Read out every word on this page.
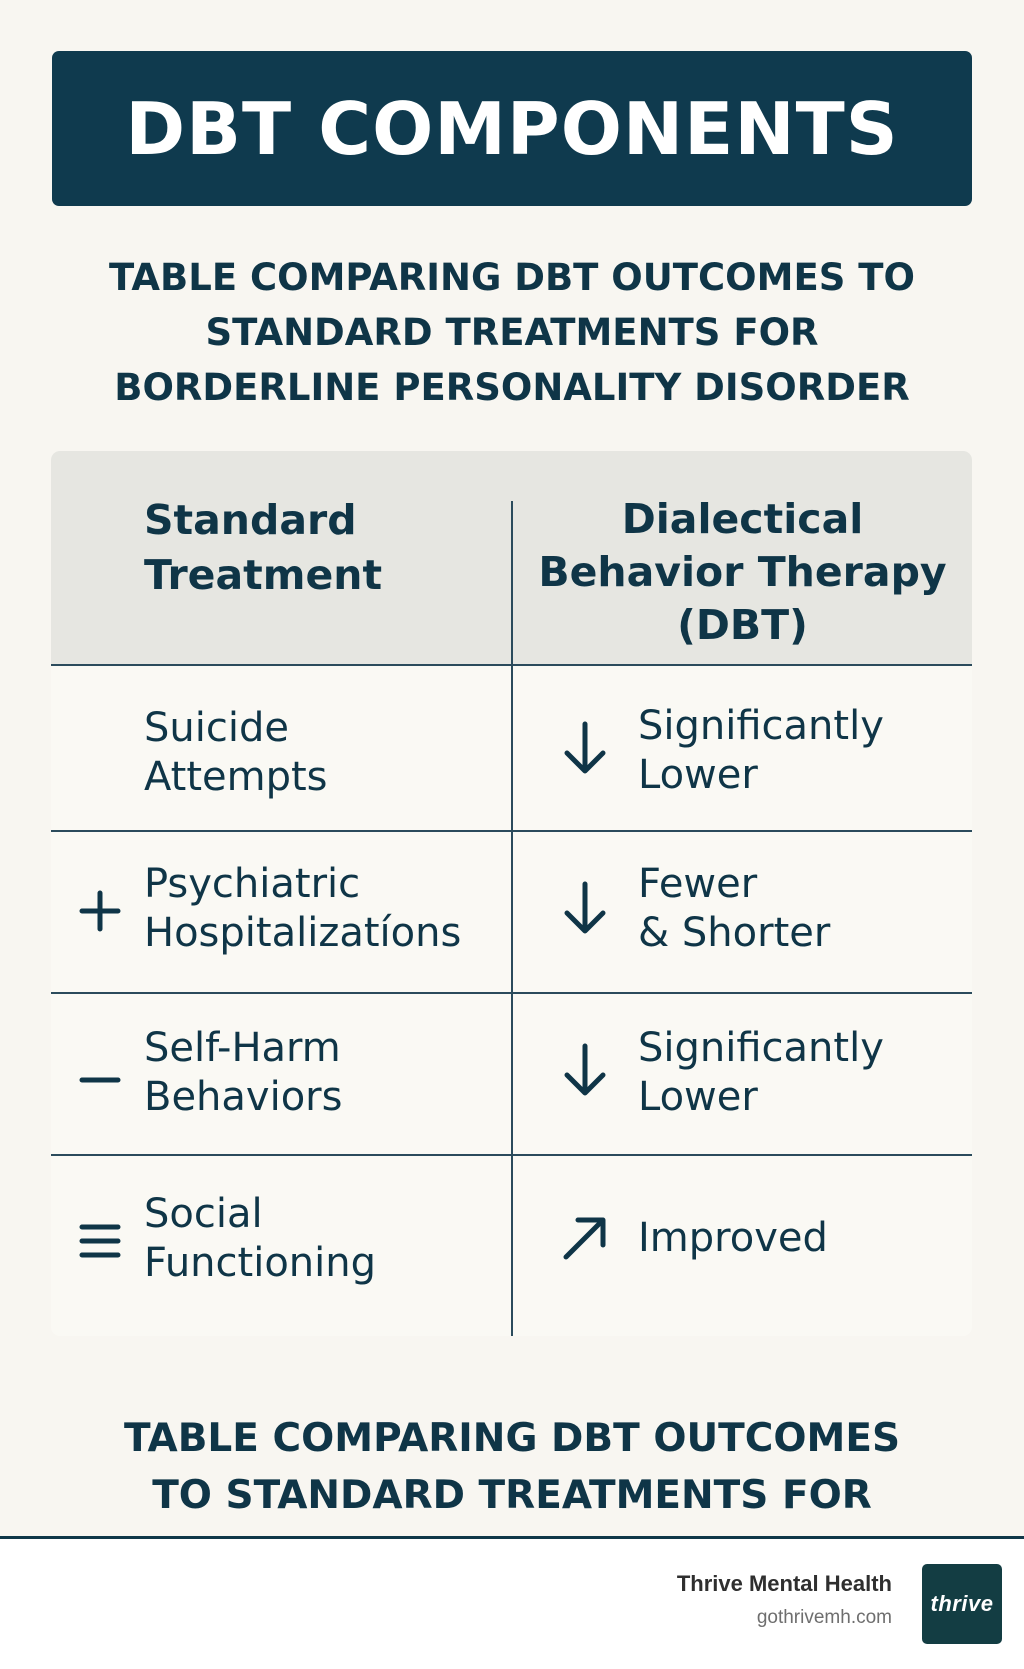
DBT COMPONENTS
TABLE COMPARING DBT OUTCOMES TO
STANDARD TREATMENTS FOR
BORDERLINE PERSONALITY DISORDER
Standard
Treatment
Dialectical
Behavior Therapy
(DBT)
Suicide
Attempts
Significantly
Lower
Psychiatric
Hospitalizatíons
Fewer
& Shorter
Self-Harm
Behaviors
Significantly
Lower
Social
Functioning
Improved
TABLE COMPARING DBT OUTCOMES
TO STANDARD TREATMENTS FOR
Thrive Mental Health
gothrivemh.com
thrive
